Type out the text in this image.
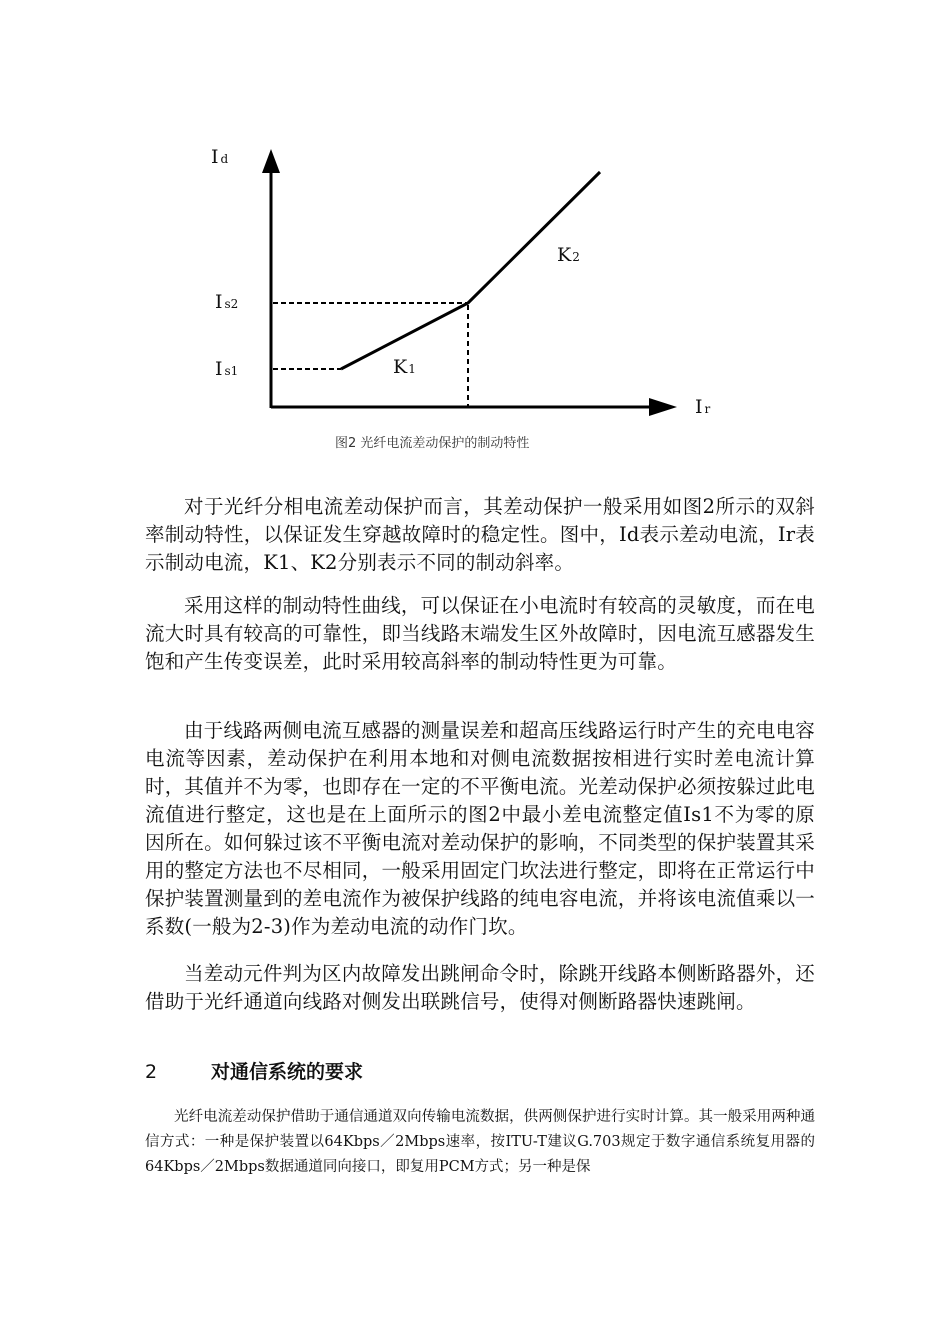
Id
Ir
Is2
Is1	K1
K2
图2 光纤电流差动保护的制动特性

对于光纤分相电流差动保护而言，其差动保护一般采用如图2所示的双斜率制动特性，以保证发生穿越故障时的稳定性。图中，Id表示差动电流，Ir表示制动电流，K1、K2分别表示不同的制动斜率。

采用这样的制动特性曲线，可以保证在小电流时有较高的灵敏度，而在电流大时具有较高的可靠性，即当线路末端发生区外故障时，因电流互感器发生饱和产生传变误差，此时采用较高斜率的制动特性更为可靠。

由于线路两侧电流互感器的测量误差和超高压线路运行时产生的充电电容电流等因素，差动保护在利用本地和对侧电流数据按相进行实时差电流计算时，其值并不为零，也即存在一定的不平衡电流。光差动保护必须按躲过此电流值进行整定，这也是在上面所示的图2中最小差电流整定值Is1不为零的原因所在。如何躲过该不平衡电流对差动保护的影响，不同类型的保护装置其采用的整定方法也不尽相同，一般采用固定门坎法进行整定，即将在正常运行中保护装置测量到的差电流作为被保护线路的纯电容电流，并将该电流值乘以一系数(一般为2-3)作为差动电流的动作门坎。

当差动元件判为区内故障发出跳闸命令时，除跳开线路本侧断路器外，还借助于光纤通道向线路对侧发出联跳信号，使得对侧断路器快速跳闸。

2	对通信系统的要求

光纤电流差动保护借助于通信通道双向传输电流数据，供两侧保护进行实时计算。其一般采用两种通信方式：一种是保护装置以64Kbps／2Mbps速率，按ITU-T建议G.703规定于数字通信系统复用器的64Kbps／2Mbps数据通道同向接口，即复用PCM方式；另一种是保
